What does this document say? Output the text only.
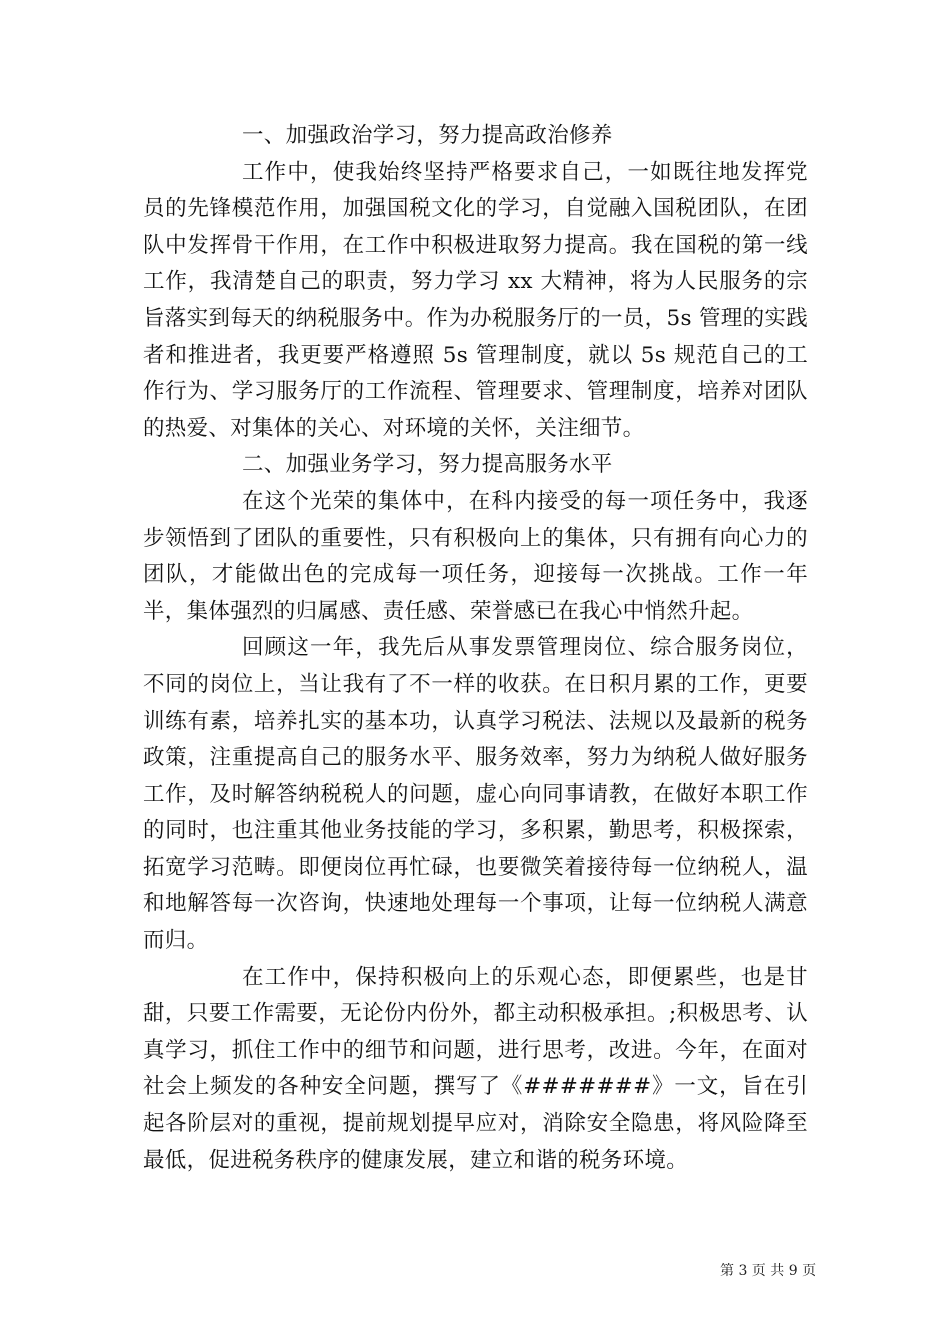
一、加强政治学习，努力提高政治修养

工作中，使我始终坚持严格要求自己，一如既往地发挥党员的先锋模范作用，加强国税文化的学习，自觉融入国税团队，在团队中发挥骨干作用，在工作中积极进取努力提高。我在国税的第一线工作，我清楚自己的职责，努力学习 xx 大精神，将为人民服务的宗旨落实到每天的纳税服务中。作为办税服务厅的一员，5s 管理的实践者和推进者，我更要严格遵照 5s 管理制度，就以 5s 规范自己的工作行为、学习服务厅的工作流程、管理要求、管理制度，培养对团队的热爱、对集体的关心、对环境的关怀，关注细节。

二、加强业务学习，努力提高服务水平

在这个光荣的集体中，在科内接受的每一项任务中，我逐步领悟到了团队的重要性，只有积极向上的集体，只有拥有向心力的团队，才能做出色的完成每一项任务，迎接每一次挑战。工作一年半，集体强烈的归属感、责任感、荣誉感已在我心中悄然升起。

回顾这一年，我先后从事发票管理岗位、综合服务岗位，不同的岗位上，当让我有了不一样的收获。在日积月累的工作，更要训练有素，培养扎实的基本功，认真学习税法、法规以及最新的税务政策，注重提高自己的服务水平、服务效率，努力为纳税人做好服务工作，及时解答纳税税人的问题，虚心向同事请教，在做好本职工作的同时，也注重其他业务技能的学习，多积累，勤思考，积极探索，拓宽学习范畴。即便岗位再忙碌，也要微笑着接待每一位纳税人，温和地解答每一次咨询，快速地处理每一个事项，让每一位纳税人满意而归。

在工作中，保持积极向上的乐观心态，即便累些，也是甘甜，只要工作需要，无论份内份外，都主动积极承担。;积极思考、认真学习，抓住工作中的细节和问题，进行思考，改进。今年，在面对社会上频发的各种安全问题，撰写了《#######》一文，旨在引起各阶层对的重视，提前规划提早应对，消除安全隐患，将风险降至最低，促进税务秩序的健康发展，建立和谐的税务环境。

第 3 页 共 9 页
